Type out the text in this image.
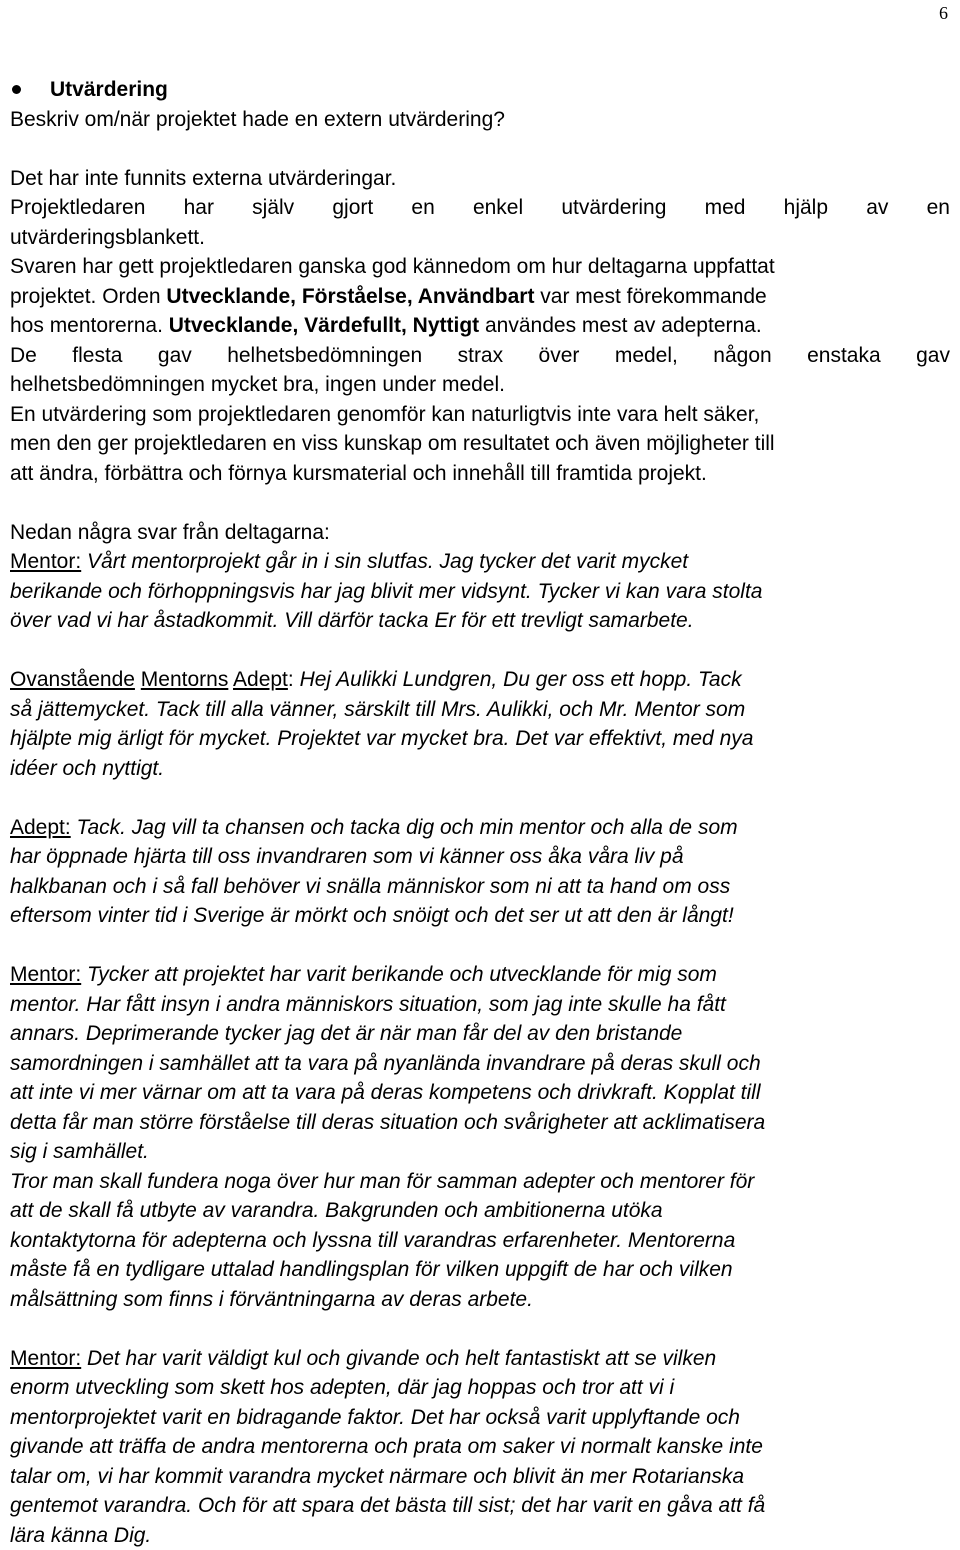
6
Utvärdering

Beskriv om/när projektet hade en extern utvärdering?

Det har inte funnits externa utvärderingar.

Projektledaren har själv gjort en enkel utvärdering med hjälp av en

utvärderingsblankett.

Svaren har gett projektledaren ganska god kännedom om hur deltagarna uppfattat

projektet. Orden Utvecklande, Förståelse, Användbart var mest förekommande

hos mentorerna. Utvecklande, Värdefullt, Nyttigt användes mest av adepterna.

De flesta gav helhetsbedömningen strax över medel, någon enstaka gav

helhetsbedömningen mycket bra, ingen under medel.

En utvärdering som projektledaren genomför kan naturligtvis inte vara helt säker,

men den ger projektledaren en viss kunskap om resultatet och även möjligheter till

att ändra, förbättra och förnya kursmaterial och innehåll till framtida projekt.

Nedan några svar från deltagarna:

Mentor: Vårt mentorprojekt går in i sin slutfas. Jag tycker det varit mycket

berikande och förhoppningsvis har jag blivit mer vidsynt. Tycker vi kan vara stolta

över vad vi har åstadkommit. Vill därför tacka Er för ett trevligt samarbete.

Ovanstående Mentorns Adept: Hej Aulikki Lundgren, Du ger oss ett hopp. Tack

så jättemycket. Tack till alla vänner, särskilt till Mrs. Aulikki, och Mr. Mentor som

hjälpte mig ärligt för mycket. Projektet var mycket bra. Det var effektivt, med nya

idéer och nyttigt.

Adept: Tack. Jag vill ta chansen och tacka dig och min mentor och alla de som

har öppnade hjärta till oss invandraren som vi känner oss åka våra liv på

halkbanan och i så fall behöver vi snälla människor som ni att ta hand om oss

eftersom vinter tid i Sverige är mörkt och snöigt och det ser ut att den är långt!

Mentor: Tycker att projektet har varit berikande och utvecklande för mig som

mentor. Har fått insyn i andra människors situation, som jag inte skulle ha fått

annars. Deprimerande tycker jag det är när man får del av den bristande

samordningen i samhället att ta vara på nyanlända invandrare på deras skull och

att inte vi mer värnar om att ta vara på deras kompetens och drivkraft. Kopplat till

detta får man större förståelse till deras situation och svårigheter att acklimatisera

sig i samhället.

Tror man skall fundera noga över hur man för samman adepter och mentorer för

att de skall få utbyte av varandra. Bakgrunden och ambitionerna utöka

kontaktytorna för adepterna och lyssna till varandras erfarenheter. Mentorerna

måste få en tydligare uttalad handlingsplan för vilken uppgift de har och vilken

målsättning som finns i förväntningarna av deras arbete.

Mentor: Det har varit väldigt kul och givande och helt fantastiskt att se vilken

enorm utveckling som skett hos adepten, där jag hoppas och tror att vi i

mentorprojektet varit en bidragande faktor. Det har också varit upplyftande och

givande att träffa de andra mentorerna och prata om saker vi normalt kanske inte

talar om, vi har kommit varandra mycket närmare och blivit än mer Rotarianska

gentemot varandra. Och för att spara det bästa till sist; det har varit en gåva att få

lära känna Dig.
